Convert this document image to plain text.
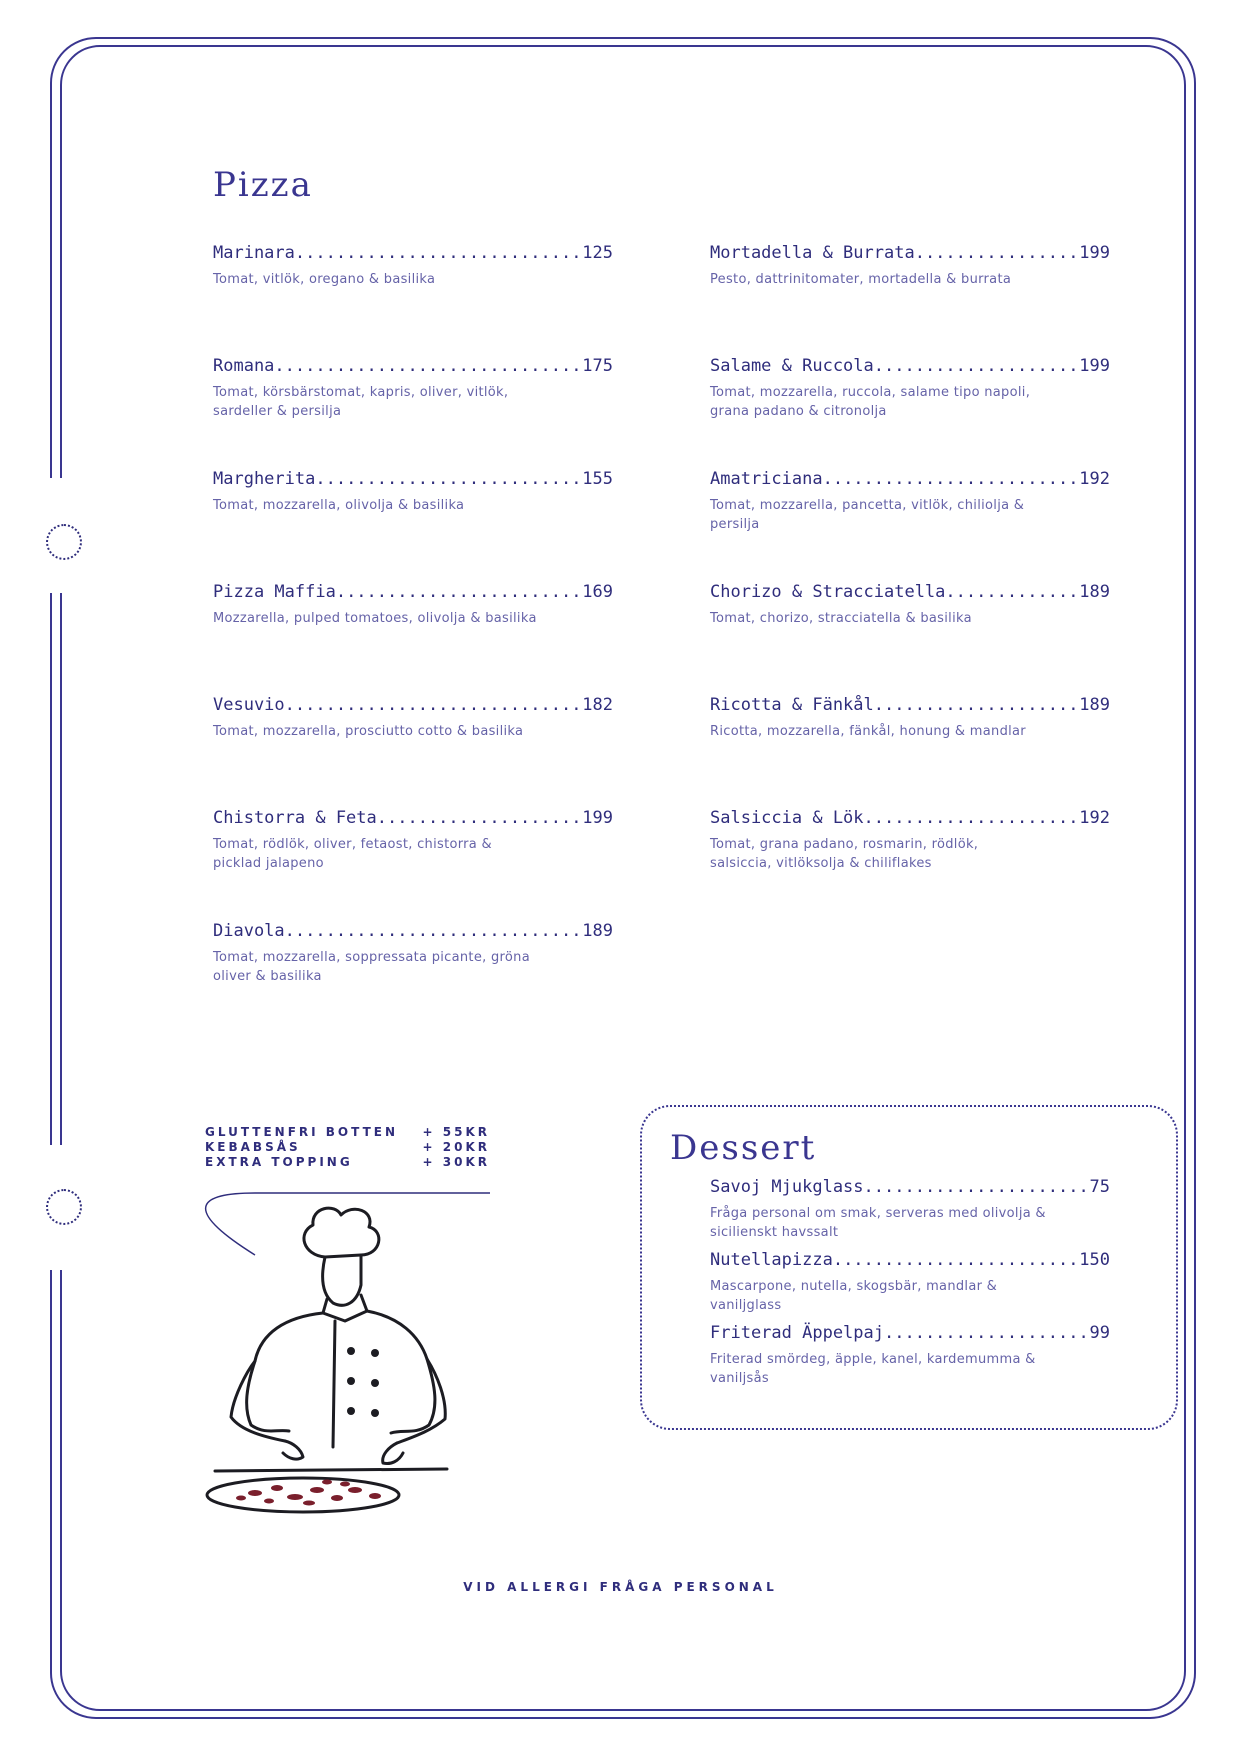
Pizza
Marinara .....	125
Tomat, vitlök, oregano & basilika
Romana .....	175
Tomat, körsbärstomat, kapris, oliver, vitlök, sardeller & persilja
Margherita .....	155
Tomat, mozzarella, olivolja & basilika
Pizza Maffia .....	169
Mozzarella, pulped tomatoes, olivolja & basilika
Vesuvio .....	182
Tomat, mozzarella, prosciutto cotto & basilika
Chistorra & Feta .....	199
Tomat, rödlök, oliver, fetaost, chistorra & picklad jalapeno
Diavola .....	189
Tomat, mozzarella, soppressata picante, gröna oliver & basilika
Mortadella & Burrata .....	199
Pesto, dattrinitomater, mortadella & burrata
Salame & Ruccola .....	199
Tomat, mozzarella, ruccola, salame tipo napoli, grana padano & citronolja
Amatriciana .....	192
Tomat, mozzarella, pancetta, vitlök, chiliolja & persilja
Chorizo & Stracciatella .....	189
Tomat, chorizo, stracciatella & basilika
Ricotta & Fänkål .....	189
Ricotta, mozzarella, fänkål, honung & mandlar
Salsiccia & Lök .....	192
Tomat, grana padano, rosmarin, rödlök, salsiccia, vitlöksolja & chiliflakes
GLUTTENFRI BOTTEN + 55KR
KEBABSÅS	+ 20KR
EXTRA TOPPING	+ 30KR	Dessert
Savoj Mjukglass .....	75
Fråga personal om smak, serveras med olivolja & sicilienskt havssalt
Nutellapizza .....	150
Mascarpone, nutella, skogsbär, mandlar & vaniljglass
Friterad Äppelpaj .....	99
Friterad smördeg, äpple, kanel, kardemumma & vaniljsås
VID ALLERGI FRÅGA PERSONAL
